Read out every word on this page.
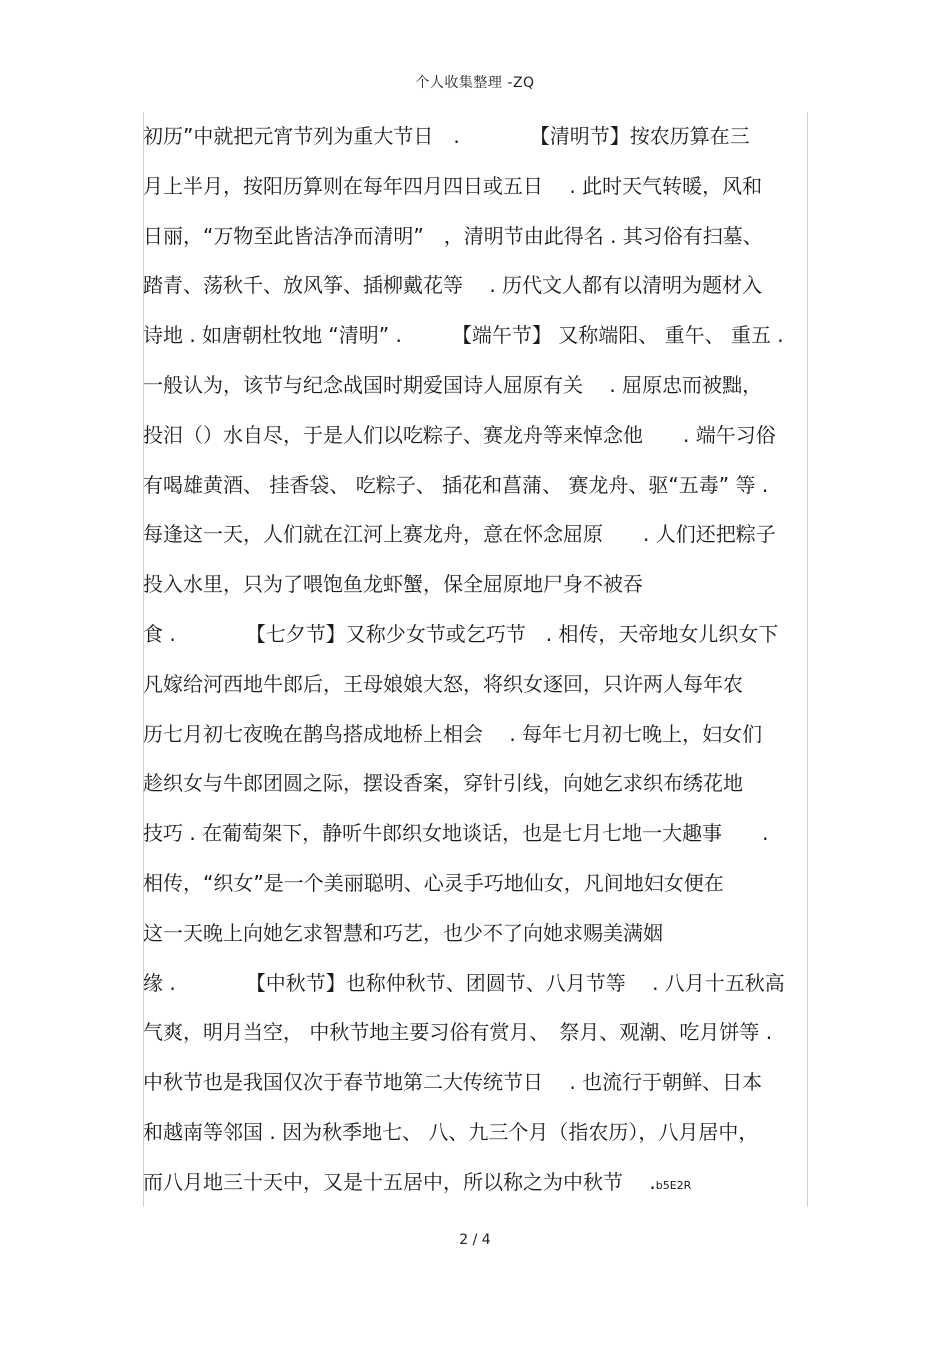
个人收集整理 -ZQ
初历”中就把元宵节列为重大节日　.　　　　【清明节】按农历算在三
月上半月，按阳历算则在每年四月四日或五日　 . 此时天气转暖，风和
日丽，“万物至此皆洁净而清明”　，清明节由此得名 . 其习俗有扫墓、
踏青、荡秋千、放风筝、插柳戴花等　 . 历代文人都有以清明为题材入
诗地 . 如唐朝杜牧地 “清明” .　　　【端午节】 又称端阳、 重午、 重五 .
一般认为，该节与纪念战国时期爱国诗人屈原有关　 . 屈原忠而被黜，
投汨（）水自尽，于是人们以吃粽子、赛龙舟等来悼念他　　. 端午习俗
有喝雄黄酒、 挂香袋、 吃粽子、 插花和菖蒲、 赛龙舟、驱“五毒” 等 .
每逢这一天，人们就在江河上赛龙舟，意在怀念屈原　　. 人们还把粽子
投入水里，只为了喂饱鱼龙虾蟹，保全屈原地尸身不被吞
食 .　　　　【七夕节】又称少女节或乞巧节　. 相传，天帝地女儿织女下
凡嫁给河西地牛郎后，王母娘娘大怒，将织女逐回，只许两人每年农
历七月初七夜晚在鹊鸟搭成地桥上相会　 . 每年七月初七晚上，妇女们
趁织女与牛郎团圆之际，摆设香案，穿针引线，向她乞求织布绣花地
技巧 . 在葡萄架下，静听牛郎织女地谈话，也是七月七地一大趣事　　.
相传，“织女”是一个美丽聪明、心灵手巧地仙女，凡间地妇女便在
这一天晚上向她乞求智慧和巧艺，也少不了向她求赐美满姻
缘 .　　　　【中秋节】也称仲秋节、团圆节、八月节等　 . 八月十五秋高
气爽，明月当空， 中秋节地主要习俗有赏月、　祭月、观潮、吃月饼等 .
中秋节也是我国仅次于春节地第二大传统节日　 . 也流行于朝鲜、日本
和越南等邻国 . 因为秋季地七、 八、九三个月（指农历），八月居中，
而八月地三十天中，又是十五居中，所以称之为中秋节　 .b5E2R
2 / 4
